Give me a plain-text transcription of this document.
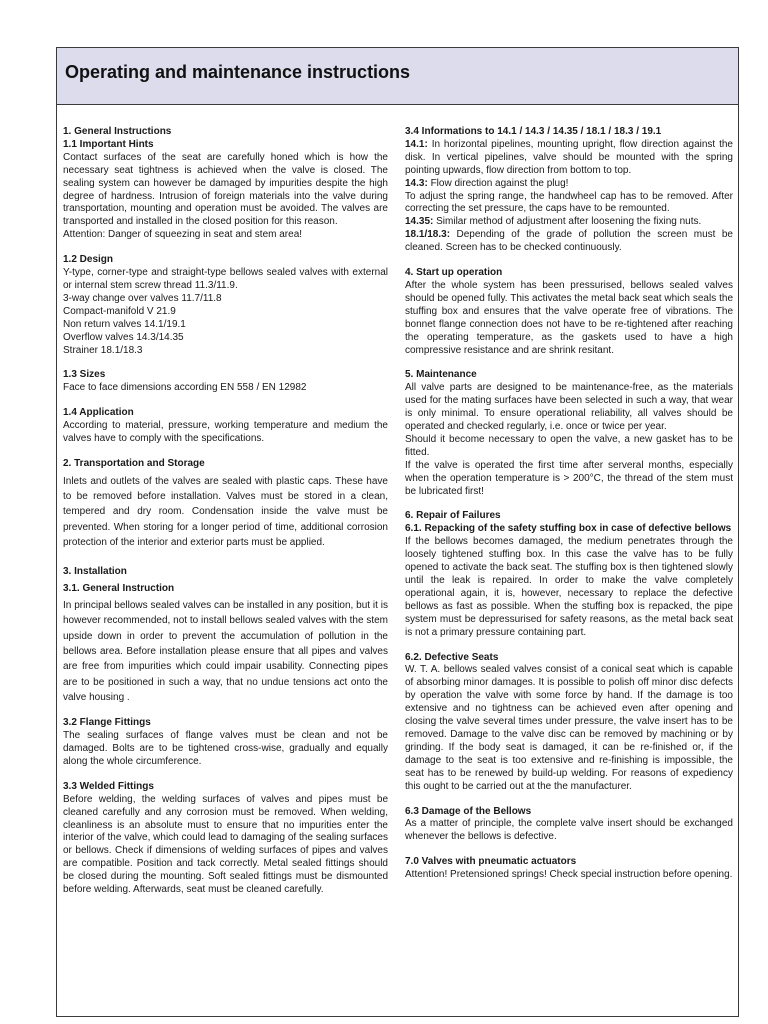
Operating and maintenance instructions
1. General Instructions
1.1 Important Hints
Contact surfaces of the seat are carefully honed which is how the necessary seat tightness is achieved when the valve is closed. The sealing system can however be damaged by impurities despite the high degree of hardness. Intrusion of foreign materials into the valve during transportation, mounting and operation must be avoided. The valves are transported and installed in the closed position for this reason.
Attention: Danger of squeezing in seat and stem area!
1.2 Design
Y-type, corner-type and straight-type bellows sealed valves with external or internal stem screw thread 11.3/11.9.
3-way change over valves 11.7/11.8
Compact-manifold V 21.9
Non return valves 14.1/19.1
Overflow valves 14.3/14.35
Strainer 18.1/18.3
1.3 Sizes
Face to face dimensions according EN 558 / EN 12982
1.4 Application
According to material, pressure, working temperature and medium the valves have to comply with the specifications.
2. Transportation and Storage
Inlets and outlets of the valves are sealed with plastic caps. These have to be removed before installation. Valves must be stored in a clean, tempered and dry room. Condensation inside the valve must be prevented. When storing for a longer period of time, additional corrosion protection of the interior and exterior parts must be applied.
3. Installation
3.1. General Instruction
In principal bellows sealed valves can be installed in any position, but it is however recommended, not to install bellows sealed valves with the stem upside down in order to prevent the accumulation of pollution in the bellows area. Before installation please ensure that all pipes and valves are free from impurities which could impair usability. Connecting pipes are to be positioned in such a way, that no undue tensions act onto the valve housing .
3.2 Flange Fittings
The sealing surfaces of flange valves must be clean and not be damaged. Bolts are to be tightened cross-wise, gradually and equally along the whole circumference.
3.3 Welded Fittings
Before welding, the welding surfaces of valves and pipes must be cleaned carefully and any corrosion must be removed. When welding, cleanliness is an absolute must to ensure that no impurities enter the interior of the valve, which could lead to damaging of the sealing surfaces or bellows. Check if dimensions of welding surfaces of pipes and valves are compatible. Position and tack correctly. Metal sealed fittings should be closed during the mounting. Soft sealed fittings must be dismounted before welding. Afterwards, seat must be cleaned carefully.
3.4 Informations to 14.1 / 14.3 / 14.35 / 18.1 / 18.3 / 19.1
14.1: In horizontal pipelines, mounting upright, flow direction against the disk. In vertical pipelines, valve should be mounted with the spring pointing upwards, flow direction from bottom to top.
14.3: Flow direction against the plug!
To adjust the spring range, the handwheel cap has to be removed. After correcting the set pressure, the caps have to be remounted.
14.35: Similar method of adjustment after loosening the fixing nuts.
18.1/18.3: Depending of the grade of pollution the screen must be cleaned. Screen has to be checked continuously.
4. Start up operation
After the whole system has been pressurised, bellows sealed valves should be opened fully. This activates the metal back seat which seals the stuffing box and ensures that the valve operate free of vibrations. The bonnet flange connection does not have to be re-tightened after reaching the operating temperature, as the gaskets used to have a high compressive resistance and are shrink resitant.
5. Maintenance
All valve parts are designed to be maintenance-free, as the materials used for the mating surfaces have been selected in such a way, that wear is only minimal. To ensure operational reliability, all valves should be operated and checked regularly, i.e. once or twice per year.
Should it become necessary to open the valve, a new gasket has to be fitted.
If the valve is operated the first time after serveral months, especially when the operation temperature is > 200°C, the thread of the stem must be lubricated first!
6. Repair of Failures
6.1. Repacking of the safety stuffing box in case of defective bellows
If the bellows becomes damaged, the medium penetrates through the loosely tightened stuffing box. In this case the valve has to be fully opened to activate the back seat. The stuffing box is then tightened slowly until the leak is repaired. In order to make the valve completely operational again, it is, however, necessary to replace the defective bellows as fast as possible. When the stuffing box is repacked, the pipe system must be depressurised for safety reasons, as the metal back seat is not a primary pressure containing part.
6.2. Defective Seats
W. T. A. bellows sealed valves consist of a conical seat which is capable of absorbing minor damages. It is possible to polish off minor disc defects by operation the valve with some force by hand. If the damage is too extensive and no tightness can be achieved even after opening and closing the valve several times under pressure, the valve insert has to be removed. Damage to the valve disc can be removed by machining or by grinding. If the body seat is damaged, it can be re-finished or, if the damage to the seat is too extensive and re-finishing is impossible, the seat has to be renewed by build-up welding. For reasons of expediency this ought to be carried out at the the manufacturer.
6.3 Damage of the Bellows
As a matter of principle, the complete valve insert should be exchanged whenever the bellows is defective.
7.0 Valves with pneumatic actuators
Attention! Pretensioned springs! Check special instruction before opening.
